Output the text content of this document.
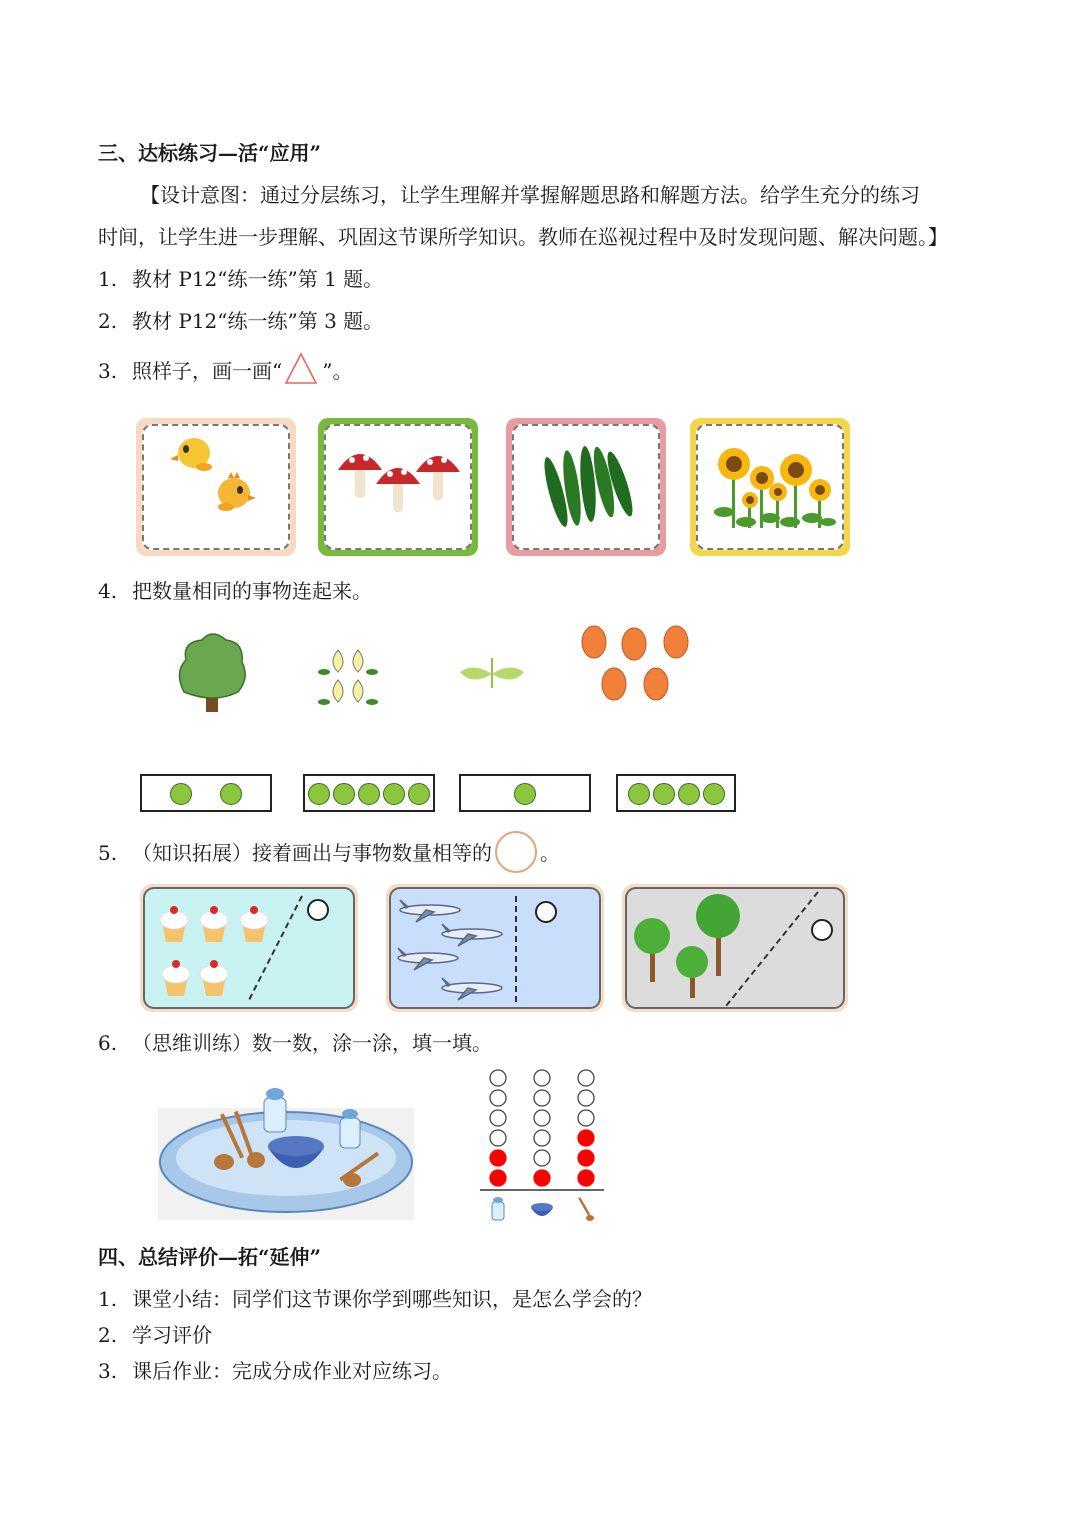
三、达标练习—活“应用”
【设计意图：通过分层练习，让学生理解并掌握解题思路和解题方法。给学生充分的练习
时间，让学生进一步理解、巩固这节课所学知识。教师在巡视过程中及时发现问题、解决问题。】
1. 教材 P12“练一练”第 1 题。
2. 教材 P12“练一练”第 3 题。
3. 照样子，画一画“ ”。
4. 把数量相同的事物连起来。
5. （知识拓展）接着画出与事物数量相等的 。
6. （思维训练）数一数，涂一涂，填一填。
四、总结评价—拓“延伸”
1. 课堂小结：同学们这节课你学到哪些知识，是怎么学会的？
2. 学习评价
3. 课后作业：完成分成作业对应练习。
